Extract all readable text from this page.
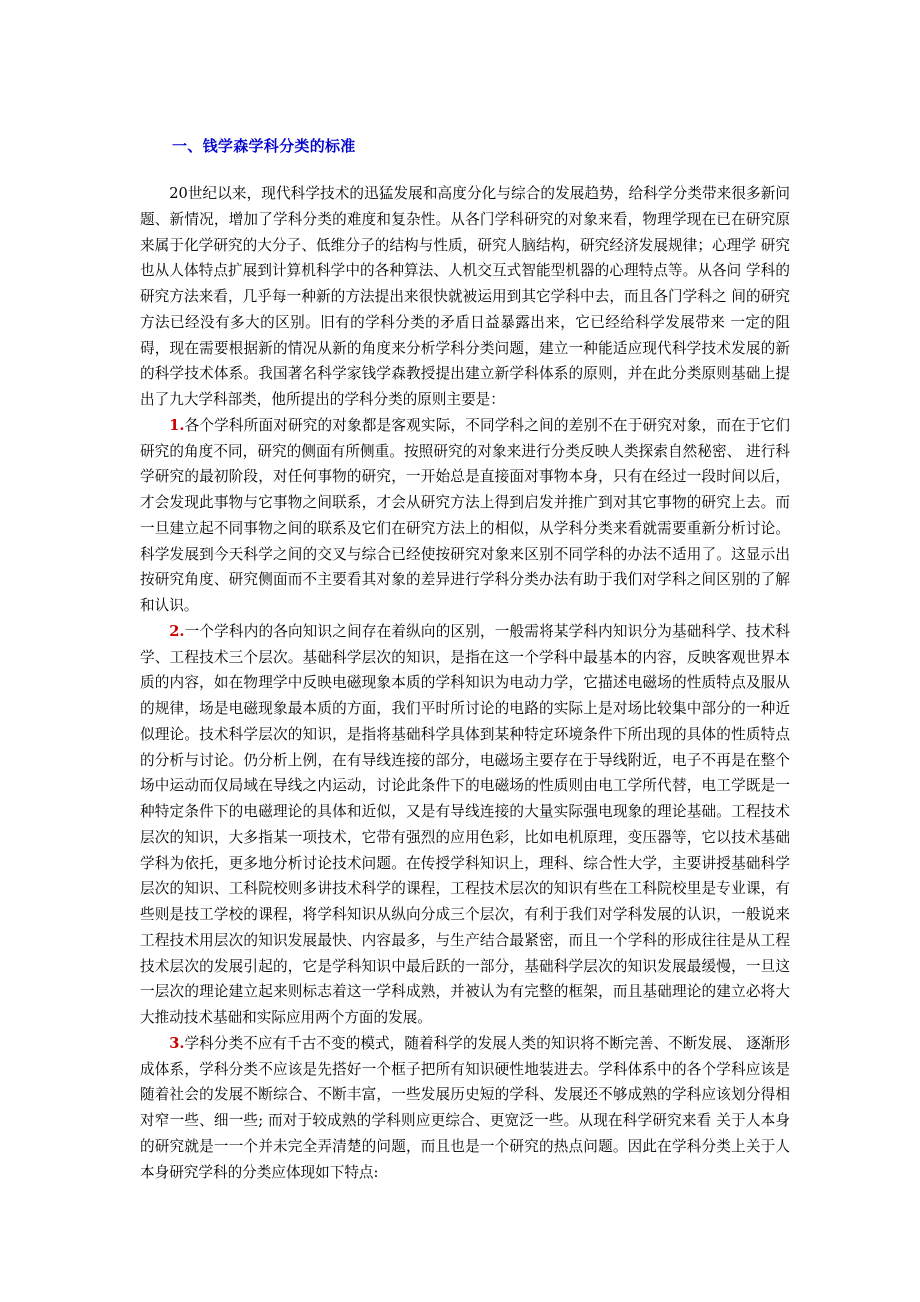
一、钱学森学科分类的标准

20世纪以来，现代科学技术的迅猛发展和高度分化与综合的发展趋势，给科学分类带来很多新问题、新情况，增加了学科分类的难度和复杂性。从各门学科研究的对象来看，物理学现在已在研究原来属于化学研究的大分子、低维分子的结构与性质，研究人脑结构，研究经济发展规律；心理学 研究也从人体特点扩展到计算机科学中的各种算法、人机交互式智能型机器的心理特点等。从各问 学科的研究方法来看，几乎每一种新的方法提出来很快就被运用到其它学科中去，而且各门学科之 间的研究方法已经没有多大的区别。旧有的学科分类的矛盾日益暴露出来，它已经给科学发展带来 一定的阻碍，现在需要根据新的情况从新的角度来分析学科分类问题，建立一种能适应现代科学技术发展的新的科学技术体系。我国著名科学家钱学森教授提出建立新学科体系的原则，并在此分类原则基础上提出了九大学科部类，他所提出的学科分类的原则主要是：

1.各个学科所面对研究的对象都是客观实际，不同学科之间的差别不在于研究对象，而在于它们研究的角度不同，研究的侧面有所侧重。按照研究的对象来进行分类反映人类探索自然秘密、 进行科学研究的最初阶段，对任何事物的研究，一开始总是直接面对事物本身，只有在经过一段时间以后，才会发现此事物与它事物之间联系，才会从研究方法上得到启发并推广到对其它事物的研究上去。而一旦建立起不同事物之间的联系及它们在研究方法上的相似，从学科分类来看就需要重新分析讨论。科学发展到今天科学之间的交叉与综合已经使按研究对象来区别不同学科的办法不适用了。这显示出按研究角度、研究侧面而不主要看其对象的差异进行学科分类办法有助于我们对学科之间区别的了解和认识。

2.一个学科内的各向知识之间存在着纵向的区别，一般需将某学科内知识分为基础科学、技术科学、工程技术三个层次。基础科学层次的知识，是指在这一个学科中最基本的内容，反映客观世界本质的内容，如在物理学中反映电磁现象本质的学科知识为电动力学，它描述电磁场的性质特点及服从的规律，场是电磁现象最本质的方面，我们平时所讨论的电路的实际上是对场比较集中部分的一种近似理论。技术科学层次的知识，是指将基础科学具体到某种特定环境条件下所出现的具体的性质特点的分析与讨论。仍分析上例，在有导线连接的部分，电磁场主要存在于导线附近，电子不再是在整个场中运动而仅局域在导线之内运动，讨论此条件下的电磁场的性质则由电工学所代替，电工学既是一种特定条件下的电磁理论的具体和近似，又是有导线连接的大量实际强电现象的理论基础。工程技术层次的知识，大多指某一项技术，它带有强烈的应用色彩，比如电机原理，变压器等，它以技术基础学科为依托，更多地分析讨论技术问题。在传授学科知识上，理科、综合性大学，主要讲授基础科学层次的知识、工科院校则多讲技术科学的课程，工程技术层次的知识有些在工科院校里是专业课，有些则是技工学校的课程，将学科知识从纵向分成三个层次，有利于我们对学科发展的认识，一般说来工程技术用层次的知识发展最快、内容最多，与生产结合最紧密，而且一个学科的形成往往是从工程技术层次的发展引起的，它是学科知识中最后跃的一部分，基础科学层次的知识发展最缓慢，一旦这一层次的理论建立起来则标志着这一学科成熟，并被认为有完整的框架，而且基础理论的建立必将大大推动技术基础和实际应用两个方面的发展。

3.学科分类不应有千古不变的模式，随着科学的发展人类的知识将不断完善、不断发展、 逐渐形成体系，学科分类不应该是先搭好一个框子把所有知识硬性地装进去。学科体系中的各个学科应该是随着社会的发展不断综合、不断丰富，一些发展历史短的学科、发展还不够成熟的学科应该划分得相对窄一些、细一些; 而对于较成熟的学科则应更综合、更宽泛一些。从现在科学研究来看 关于人本身的研究就是一一个并未完全弄清楚的问题，而且也是一个研究的热点问题。因此在学科分类上关于人本身研究学科的分类应体现如下特点:
